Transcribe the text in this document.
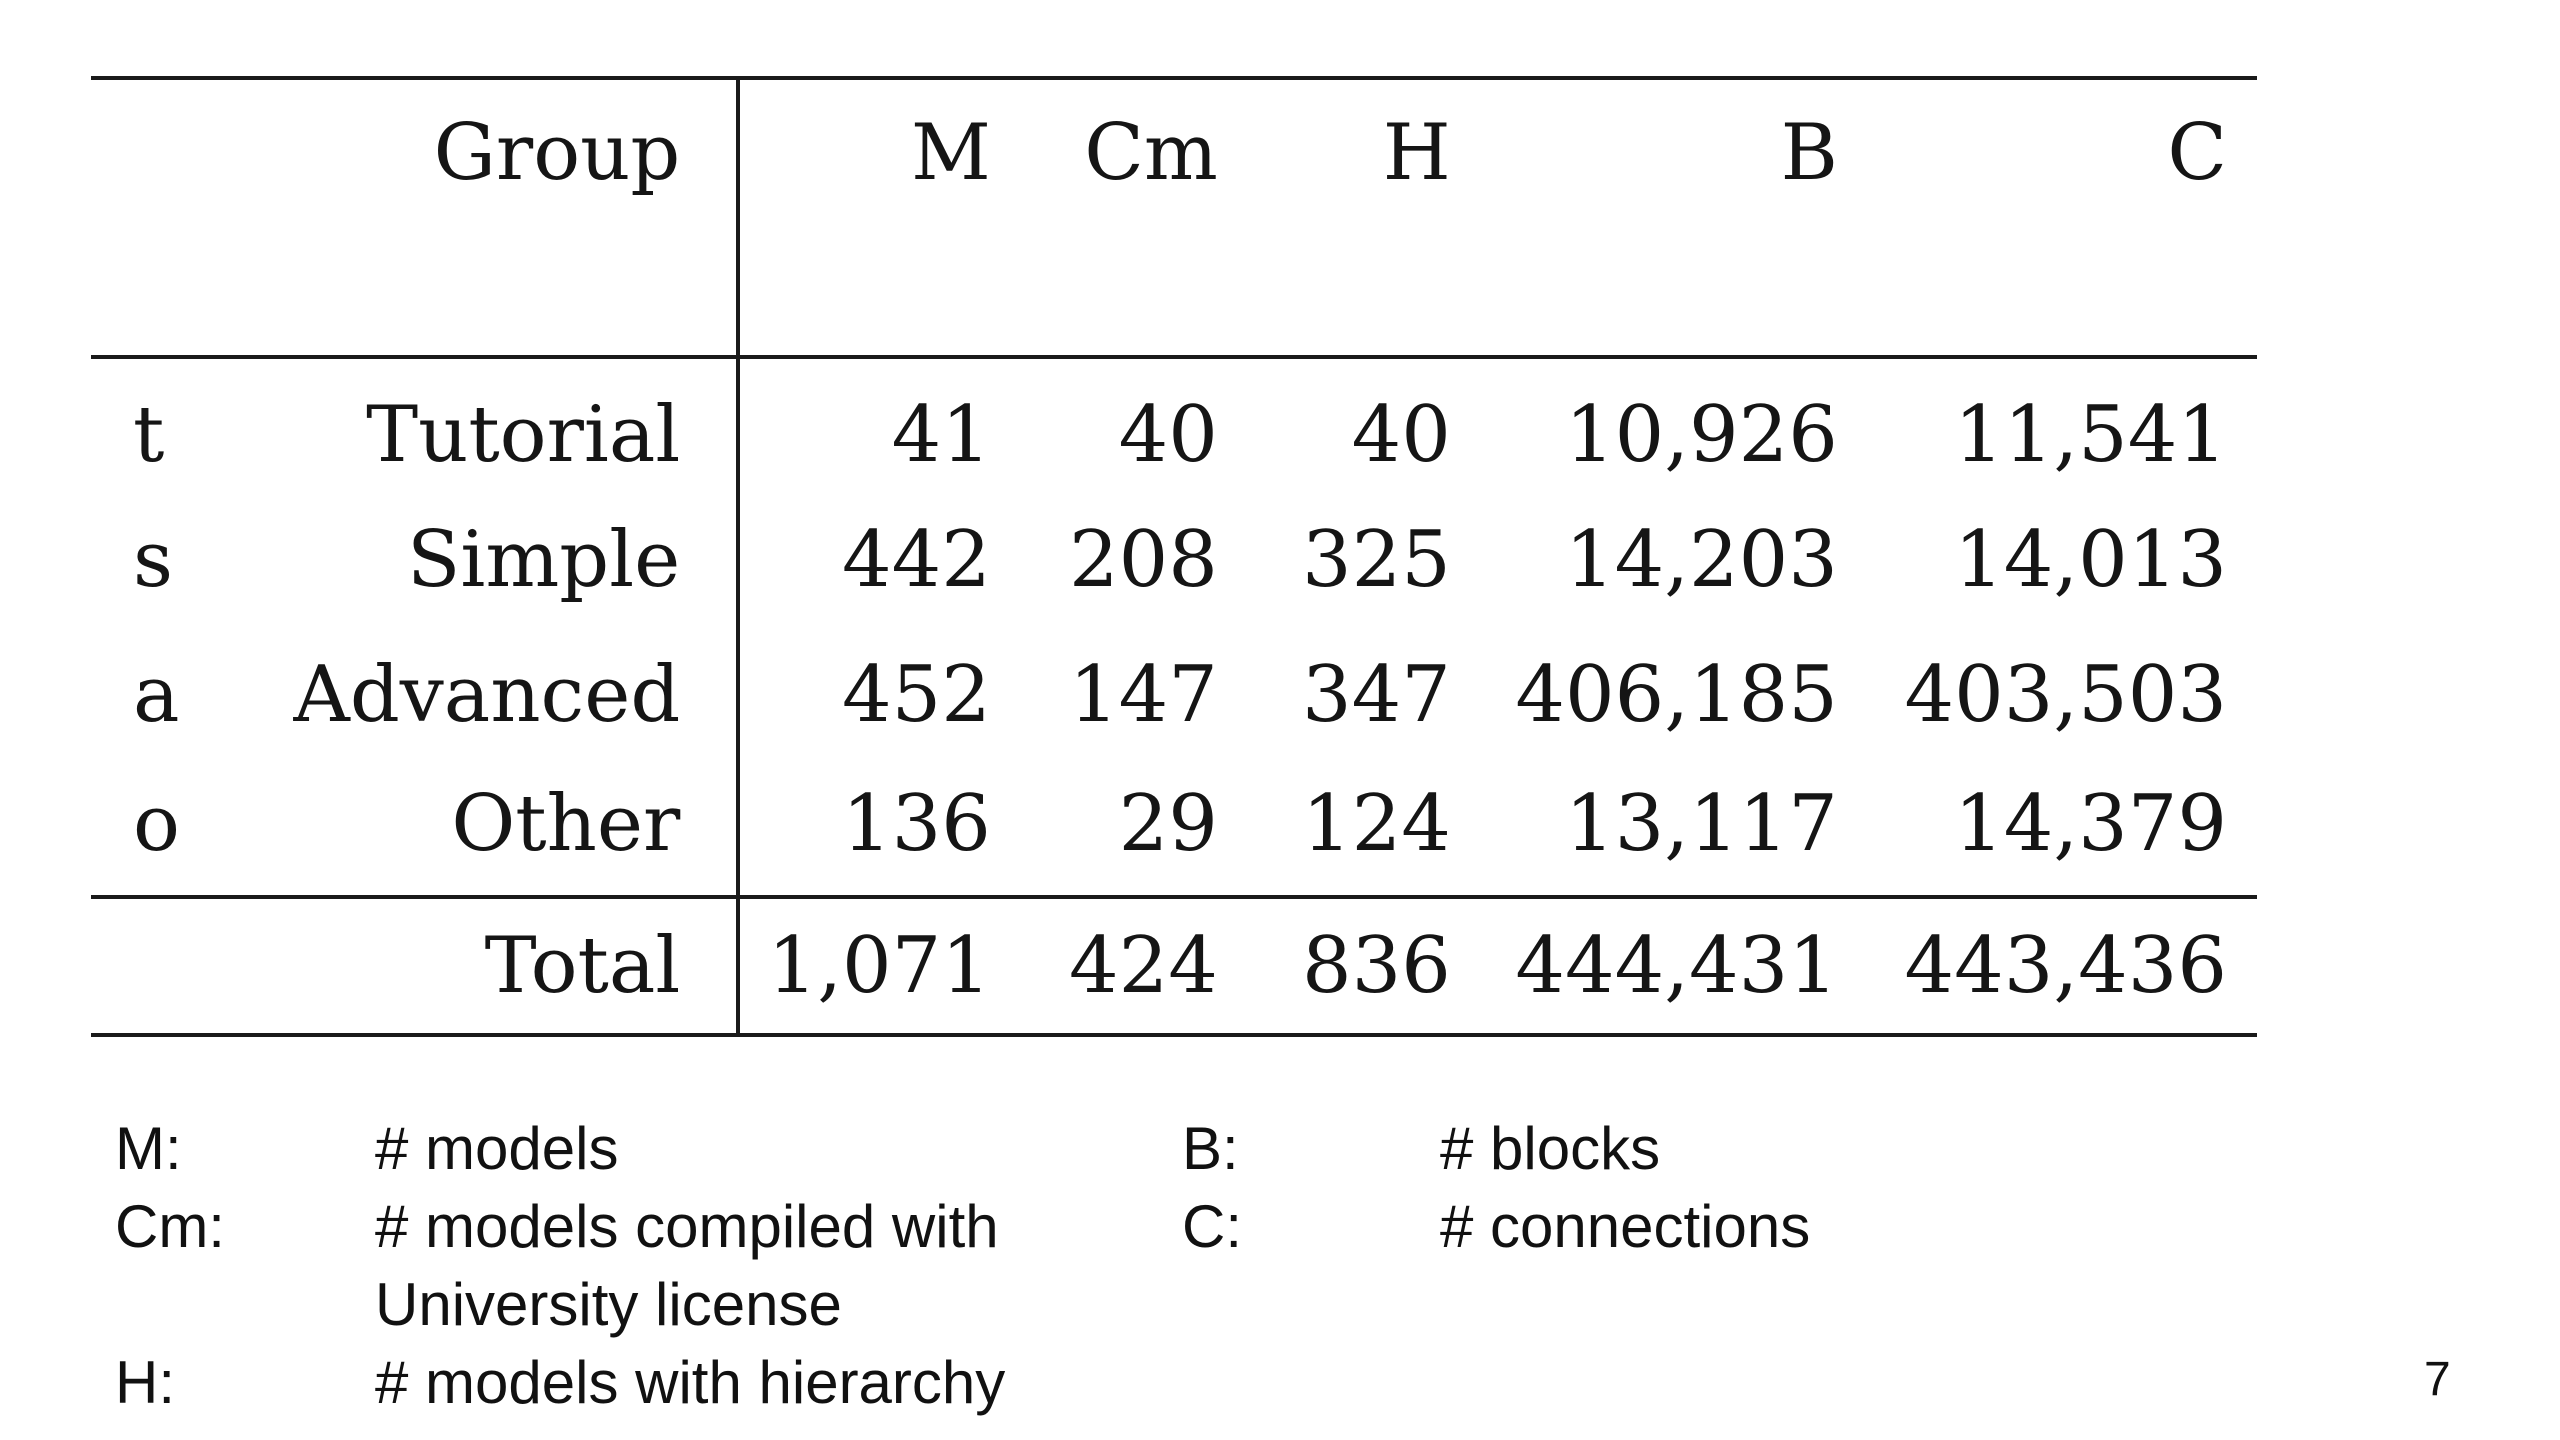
	Group	M	Cm	H	B	C
t	Tutorial	41	40	40	10,926	11,541
s	Simple	442	208	325	14,203	14,013
a	Advanced	452	147	347	406,185	403,503
o	Other	136	29	124	13,117	14,379
	Total	1,071	424	836	444,431	443,436
M:	# models
Cm:	# models compiled with
University license
H:	# models with hierarchy
B:	# blocks
C:	# connections
7
